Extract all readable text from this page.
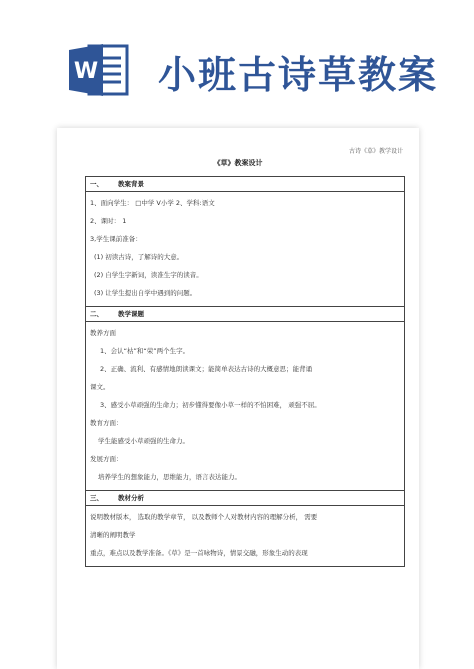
W 小班古诗草教案
古诗《草》教学设计
《草》教案设计
一、 教案背景
1、面向学生： □中学 V小学 2、学科:语文
2、课时： 1
3,学生课前准备：
(1) 初读古诗，了解诗的大意。
(2) 自学生字新词，读准生字的读音。
(3) 让学生提出自学中遇到的问题。
二、 教学课题
教养方面
1、会认“枯”和“荣”两个生字。
2、正确、流利、有感情地朗读课文；能简单表达古诗的大概意思；能背诵
课文。
3、感受小草顽强的生命力；初步懂得要像小草一样的不怕困难， 顽强不屈。
教育方面：
学生能感受小草顽强的生命力。
发展方面：
培养学生的想象能力，思维能力，语言表达能力。
三、 教材分析
说明教材版本， 选取的教学章节， 以及教师个人对教材内容的理解分析， 需要
清晰的阐明教学
重点，难点以及教学准备。《草》是一首咏物诗，情景交融，形象生动的表现
